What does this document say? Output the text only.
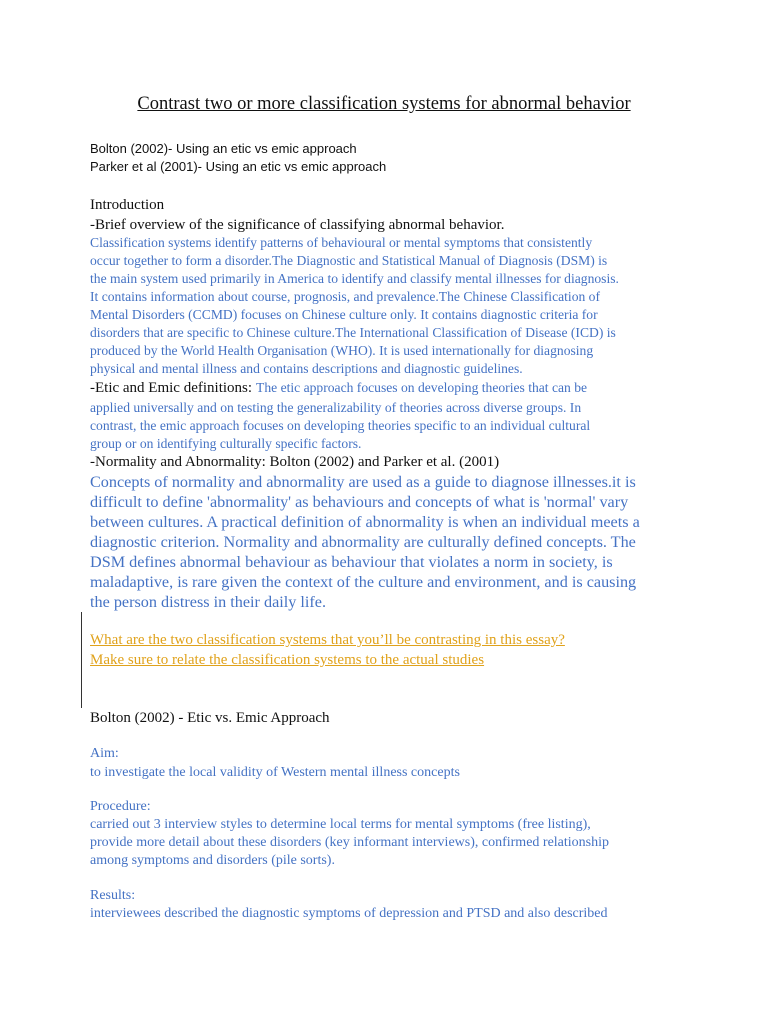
Contrast two or more classification systems for abnormal behavior
Bolton (2002)- Using an etic vs emic approach
Parker et al (2001)- Using an etic vs emic approach
Introduction
-Brief overview of the significance of classifying abnormal behavior.
Classification systems identify patterns of behavioural or mental symptoms that consistently
occur together to form a disorder.The Diagnostic and Statistical Manual of Diagnosis (DSM) is
the main system used primarily in America to identify and classify mental illnesses for diagnosis.
It contains information about course, prognosis, and prevalence.The Chinese Classification of
Mental Disorders (CCMD) focuses on Chinese culture only. It contains diagnostic criteria for
disorders that are specific to Chinese culture.The International Classification of Disease (ICD) is
produced by the World Health Organisation (WHO). It is used internationally for diagnosing
physical and mental illness and contains descriptions and diagnostic guidelines.
-Etic and Emic definitions: The etic approach focuses on developing theories that can be
applied universally and on testing the generalizability of theories across diverse groups. In
contrast, the emic approach focuses on developing theories specific to an individual cultural
group or on identifying culturally specific factors.
-Normality and Abnormality: Bolton (2002) and Parker et al. (2001)
Concepts of normality and abnormality are used as a guide to diagnose illnesses.it is
difficult to define 'abnormality' as behaviours and concepts of what is 'normal' vary
between cultures. A practical definition of abnormality is when an individual meets a
diagnostic criterion. Normality and abnormality are culturally defined concepts. The
DSM defines abnormal behaviour as behaviour that violates a norm in society, is
maladaptive, is rare given the context of the culture and environment, and is causing
the person distress in their daily life.
What are the two classification systems that you’ll be contrasting in this essay?
Make sure to relate the classification systems to the actual studies
Bolton (2002) - Etic vs. Emic Approach
Aim:
to investigate the local validity of Western mental illness concepts
Procedure:
carried out 3 interview styles to determine local terms for mental symptoms (free listing),
provide more detail about these disorders (key informant interviews), confirmed relationship
among symptoms and disorders (pile sorts).
Results:
interviewees described the diagnostic symptoms of depression and PTSD and also described
